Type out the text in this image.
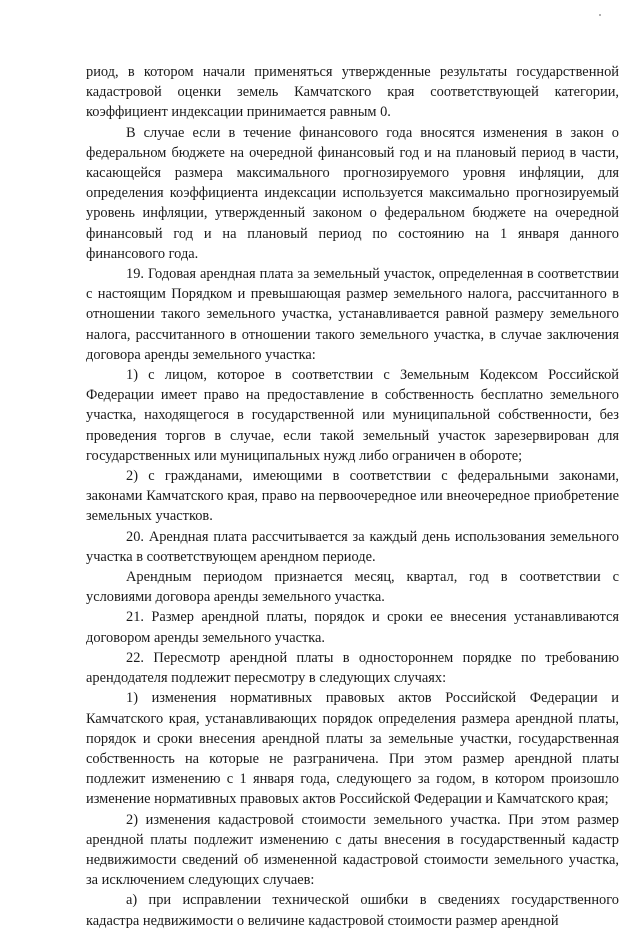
риод, в котором начали применяться утвержденные результаты государственной кадастровой оценки земель Камчатского края соответствующей категории, коэффициент индексации принимается равным 0.

В случае если в течение финансового года вносятся изменения в закон о федеральном бюджете на очередной финансовый год и на плановый период в части, касающейся размера максимального прогнозируемого уровня инфляции, для определения коэффициента индексации используется максимально прогнозируемый уровень инфляции, утвержденный законом о федеральном бюджете на очередной финансовый год и на плановый период по состоянию на 1 января данного финансового года.

19. Годовая арендная плата за земельный участок, определенная в соответствии с настоящим Порядком и превышающая размер земельного налога, рассчитанного в отношении такого земельного участка, устанавливается равной размеру земельного налога, рассчитанного в отношении такого земельного участка, в случае заключения договора аренды земельного участка:

1) с лицом, которое в соответствии с Земельным Кодексом Российской Федерации имеет право на предоставление в собственность бесплатно земельного участка, находящегося в государственной или муниципальной собственности, без проведения торгов в случае, если такой земельный участок зарезервирован для государственных или муниципальных нужд либо ограничен в обороте;

2) с гражданами, имеющими в соответствии с федеральными законами, законами Камчатского края, право на первоочередное или внеочередное приобретение земельных участков.

20. Арендная плата рассчитывается за каждый день использования земельного участка в соответствующем арендном периоде.

Арендным периодом признается месяц, квартал, год в соответствии с условиями договора аренды земельного участка.

21. Размер арендной платы, порядок и сроки ее внесения устанавливаются договором аренды земельного участка.

22. Пересмотр арендной платы в одностороннем порядке по требованию арендодателя подлежит пересмотру в следующих случаях:

1) изменения нормативных правовых актов Российской Федерации и Камчатского края, устанавливающих порядок определения размера арендной платы, порядок и сроки внесения арендной платы за земельные участки, государственная собственность на которые не разграничена. При этом размер арендной платы подлежит изменению с 1 января года, следующего за годом, в котором произошло изменение нормативных правовых актов Российской Федерации и Камчатского края;

2) изменения кадастровой стоимости земельного участка. При этом размер арендной платы подлежит изменению с даты внесения в государственный кадастр недвижимости сведений об измененной кадастровой стоимости земельного участка, за исключением следующих случаев:

а) при исправлении технической ошибки в сведениях государственного кадастра недвижимости о величине кадастровой стоимости размер арендной
